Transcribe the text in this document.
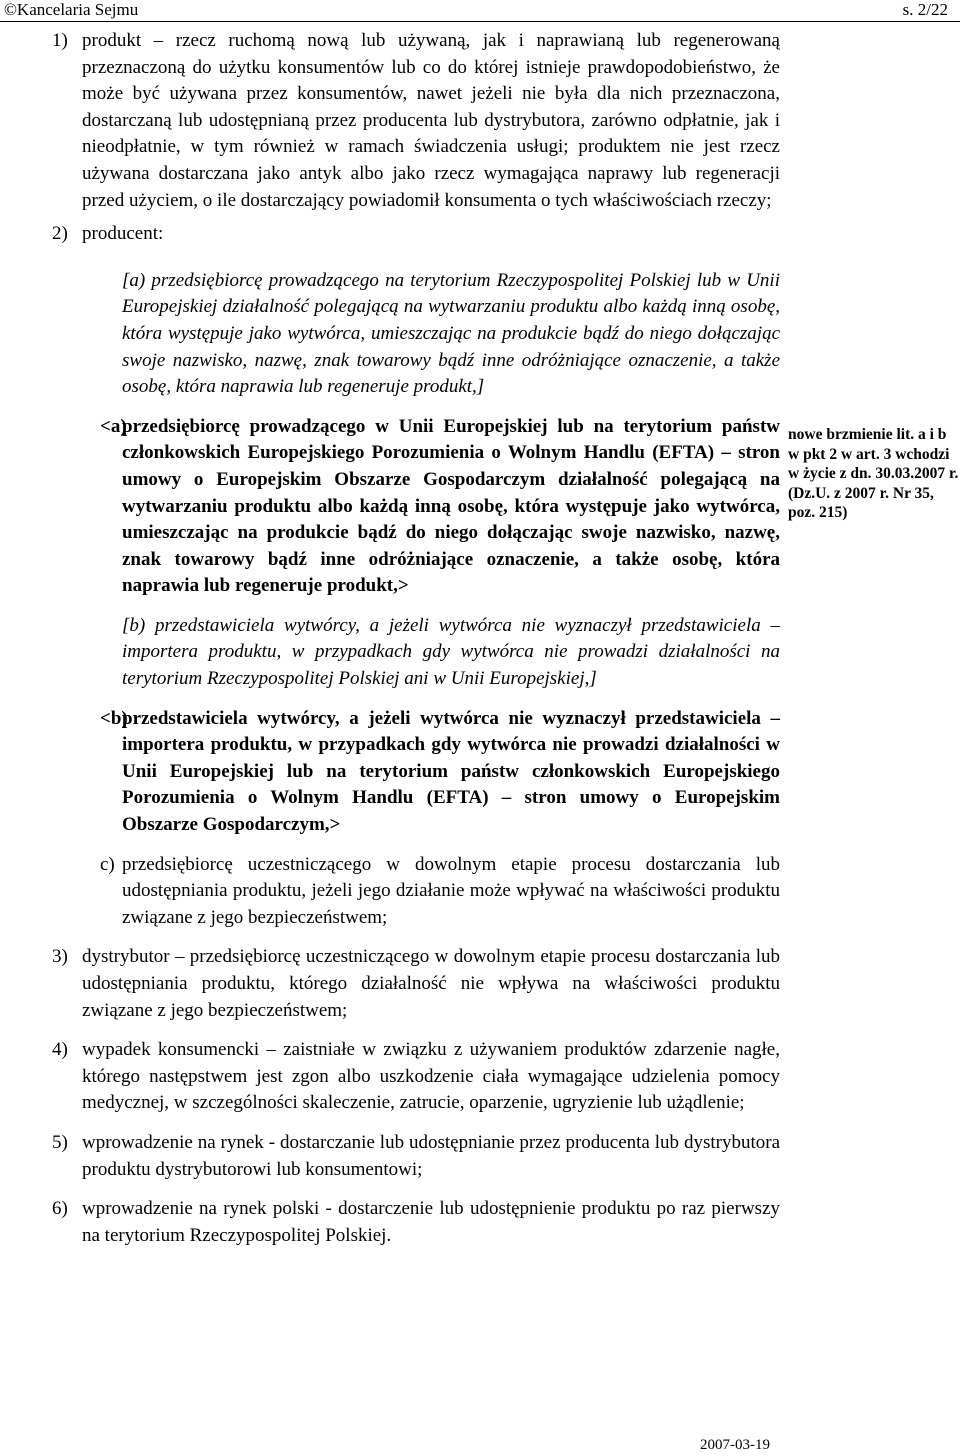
©Kancelaria Sejmu	s. 2/22
1) produkt – rzecz ruchomą nową lub używaną, jak i naprawianą lub regenerowaną przeznaczoną do użytku konsumentów lub co do której istnieje prawdopodobieństwo, że może być używana przez konsumentów, nawet jeżeli nie była dla nich przeznaczona, dostarczaną lub udostępnianą przez producenta lub dystrybutora, zarówno odpłatnie, jak i nieodpłatnie, w tym również w ramach świadczenia usługi; produktem nie jest rzecz używana dostarczana jako antyk albo jako rzecz wymagająca naprawy lub regeneracji przed użyciem, o ile dostarczający powiadomił konsumenta o tych właściwościach rzeczy;
2) producent:
[a) przedsiębiorcę prowadzącego na terytorium Rzeczypospolitej Polskiej lub w Unii Europejskiej działalność polegającą na wytwarzaniu produktu albo każdą inną osobę, która występuje jako wytwórca, umieszczając na produkcie bądź do niego dołączając swoje nazwisko, nazwę, znak towarowy bądź inne odróżniające oznaczenie, a także osobę, która naprawia lub regeneruje produkt,]
<a)
przedsiębiorcę prowadzącego w Unii Europejskiej lub na terytorium państw członkowskich Europejskiego Porozumienia o Wolnym Handlu (EFTA) – stron umowy o Europejskim Obszarze Gospodarczym działalność polegającą na wytwarzaniu produktu albo każdą inną osobę, która występuje jako wytwórca, umieszczając na produkcie bądź do niego dołączając swoje nazwisko, nazwę, znak towarowy bądź inne odróżniające oznaczenie, a także osobę, która naprawia lub regeneruje produkt,>
[b) przedstawiciela wytwórcy, a jeżeli wytwórca nie wyznaczył przedstawiciela – importera produktu, w przypadkach gdy wytwórca nie prowadzi działalności na terytorium Rzeczypospolitej Polskiej ani w Unii Europejskiej,]
<b)
przedstawiciela wytwórcy, a jeżeli wytwórca nie wyznaczył przedstawiciela – importera produktu, w przypadkach gdy wytwórca nie prowadzi działalności w Unii Europejskiej lub na terytorium państw członkowskich Europejskiego Porozumienia o Wolnym Handlu (EFTA) – stron umowy o Europejskim Obszarze Gospodarczym,>
c) przedsiębiorcę uczestniczącego w dowolnym etapie procesu dostarczania lub udostępniania produktu, jeżeli jego działanie może wpływać na właściwości produktu związane z jego bezpieczeństwem;
3) dystrybutor – przedsiębiorcę uczestniczącego w dowolnym etapie procesu dostarczania lub udostępniania produktu, którego działalność nie wpływa na właściwości produktu związane z jego bezpieczeństwem;
4) wypadek konsumencki – zaistniałe w związku z używaniem produktów zdarzenie nagłe, którego następstwem jest zgon albo uszkodzenie ciała wymagające udzielenia pomocy medycznej, w szczególności skaleczenie, zatrucie, oparzenie, ugryzienie lub użądlenie;
5) wprowadzenie na rynek - dostarczanie lub udostępnianie przez producenta lub dystrybutora produktu dystrybutorowi lub konsumentowi;
6) wprowadzenie na rynek polski - dostarczenie lub udostępnienie produktu po raz pierwszy na terytorium Rzeczypospolitej Polskiej.
nowe brzmienie lit. a i b w pkt 2 w art. 3 wchodzi w życie z dn. 30.03.2007 r. (Dz.U. z 2007 r. Nr 35, poz. 215)
2007-03-19
